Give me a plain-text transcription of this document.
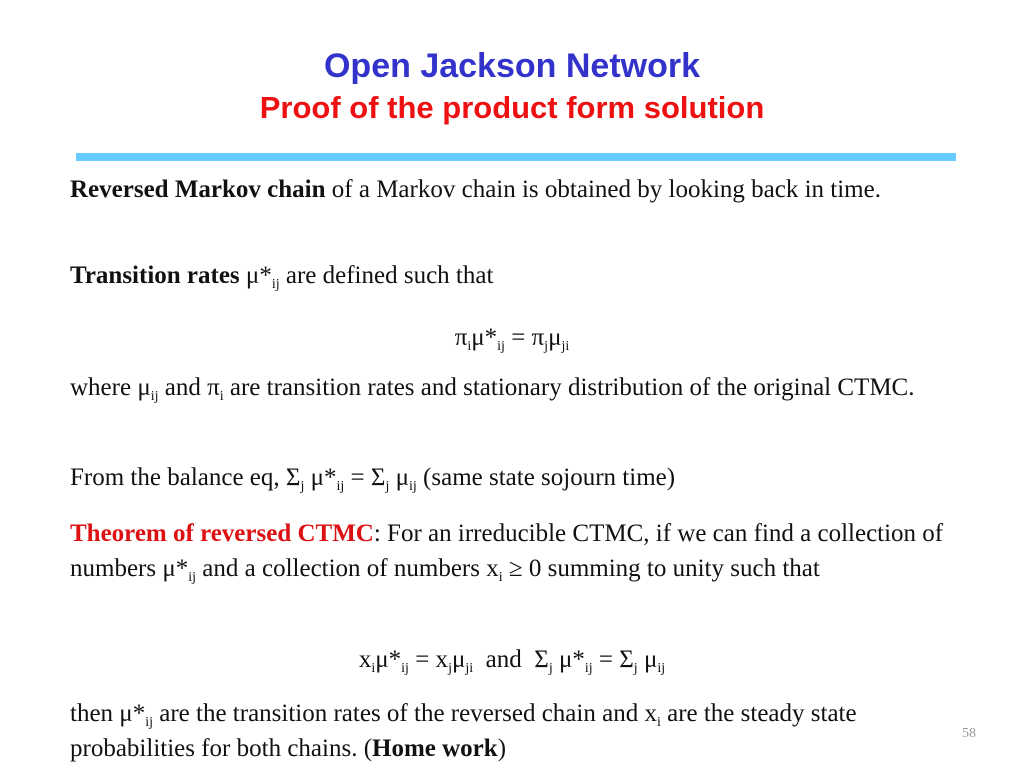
Open Jackson Network
Proof of the product form solution
Reversed Markov chain of a Markov chain is obtained by looking back in time.
Transition rates $\mu*_{ij}$ are defined such that
$\pi_i\mu*_{ij} = \pi_j\mu_{ji}$
where $\mu_{ij}$ and $\pi_i$ are transition rates and stationary distribution of the original CTMC.
From the balance eq, $\Sigma_j$ $\mu*_{ij} = \Sigma_j$ $\mu_{ij}$ (same state sojourn time)
Theorem of reversed CTMC: For an irreducible CTMC, if we can find a collection of numbers $\mu*_{ij}$ and a collection of numbers $x_i \ge 0$ summing to unity such that
$x_i\mu*_{ij} = x_j\mu_{ji}$  and  $\Sigma_j$ $\mu*_{ij} = \Sigma_j$ $\mu_{ij}$
then $\mu*_{ij}$ are the transition rates of the reversed chain and $x_i$ are the steady state probabilities for both chains. (Home work)
58
